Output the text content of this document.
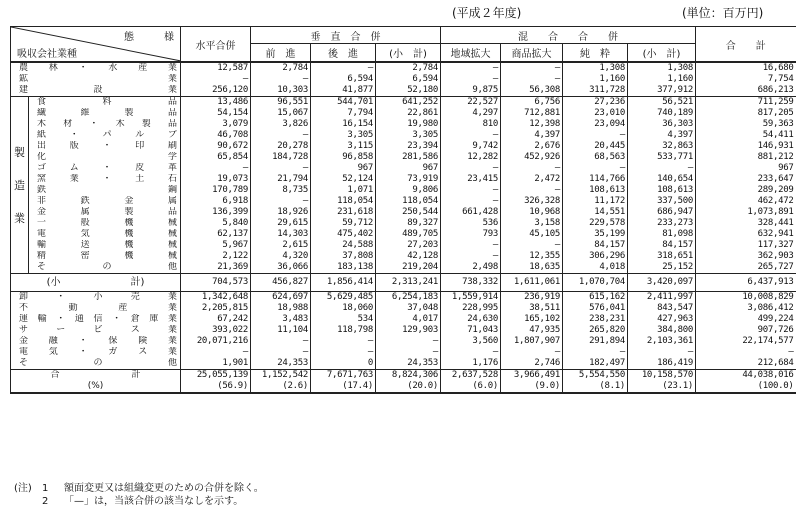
(平成２年度)	(単位：百万円)
態　　　様
吸収会社業種		水平合併	垂　直　合　併			混　　合　　合　　併				合　　計
			前　進	後　進	(小　計)	地域拡大	商品拡大	純　粋	(小　計)	
農林・水産業		12,587	2,784	—	2,784	—	—	1,308	1,308	16,680
鉱業		—	—	6,594	6,594	—	—	1,160	1,160	7,754
建設業		256,120	10,303	41,877	52,180	9,875	56,308	311,728	377,912	686,213

製
造
業	食料品	13,486	96,551	544,701	641,252	22,527	6,756	27,236	56,521	711,259
	繊維製品	54,154	15,067	7,794	22,861	4,297	712,881	23,010	740,189	817,205
	木材・木製品	3,079	3,826	16,154	19,980	810	12,398	23,094	36,303	59,363
	紙・パルプ	46,708	—	3,305	3,305	—	4,397	—	4,397	54,411
	出版・印刷	90,672	20,278	3,115	23,394	9,742	2,676	20,445	32,863	146,931
	化学	65,854	184,728	96,858	281,586	12,282	452,926	68,563	533,771	881,212
	ゴム・皮革	—	—	967	967	—	—	—	—	967
	窯業・土石	19,073	21,794	52,124	73,919	23,415	2,472	114,766	140,654	233,647
	鉄鋼	170,789	8,735	1,071	9,806	—	—	108,613	108,613	289,209
	非鉄金属	6,918	—	118,054	118,054	—	326,328	11,172	337,500	462,472
	金属製品	136,399	18,926	231,618	250,544	661,428	10,968	14,551	686,947	1,073,891
	一般機械	5,840	29,615	59,712	89,327	536	3,158	229,578	233,273	328,441
	電気機械	62,137	14,303	475,402	489,705	793	45,105	35,199	81,098	632,941
	輸送機械	5,967	2,615	24,588	27,203	—	—	84,157	84,157	117,327
	精密機械	2,122	4,320	37,808	42,128	—	12,355	306,296	318,651	362,903
	その他	21,369	36,066	183,138	219,204	2,498	18,635	4,018	25,152	265,727
(小　　　　　　　計)		704,573	456,827	1,856,414	2,313,241	738,332	1,611,061	1,070,704	3,420,097	6,437,913
卸・小売業		1,342,648	624,697	5,629,485	6,254,183	1,559,914	236,919	615,162	2,411,997	10,008,829
不動産業		2,205,815	18,988	18,060	37,048	228,995	38,511	576,041	843,547	3,086,412
運輸・通信・倉庫業		67,242	3,483	534	4,017	24,630	165,102	238,231	427,963	499,224
サービス業		393,022	11,104	118,798	129,903	71,043	47,935	265,820	384,800	907,726
金融・保険業		20,071,216	—	—	—	3,560	1,807,907	291,894	2,103,361	22,174,577
電気・ガス業		—	—	—	—	—	—	—	—	—
その他		1,901	24,353	0	24,353	1,176	2,746	182,497	186,419	212,684
合　　　　　　　　計		25,055,139	1,152,542	7,671,763	8,824,306	2,637,528	3,966,491	5,554,550	10,158,570	44,038,016
(%)		(56.9)	(2.6)	(17.4)	(20.0)	(6.0)	(9.0)	(8.1)	(23.1)	(100.0)
(注) 1 額面変更又は組織変更のための合併を除く。
2 「—」は，当該合併の該当なしを示す。
